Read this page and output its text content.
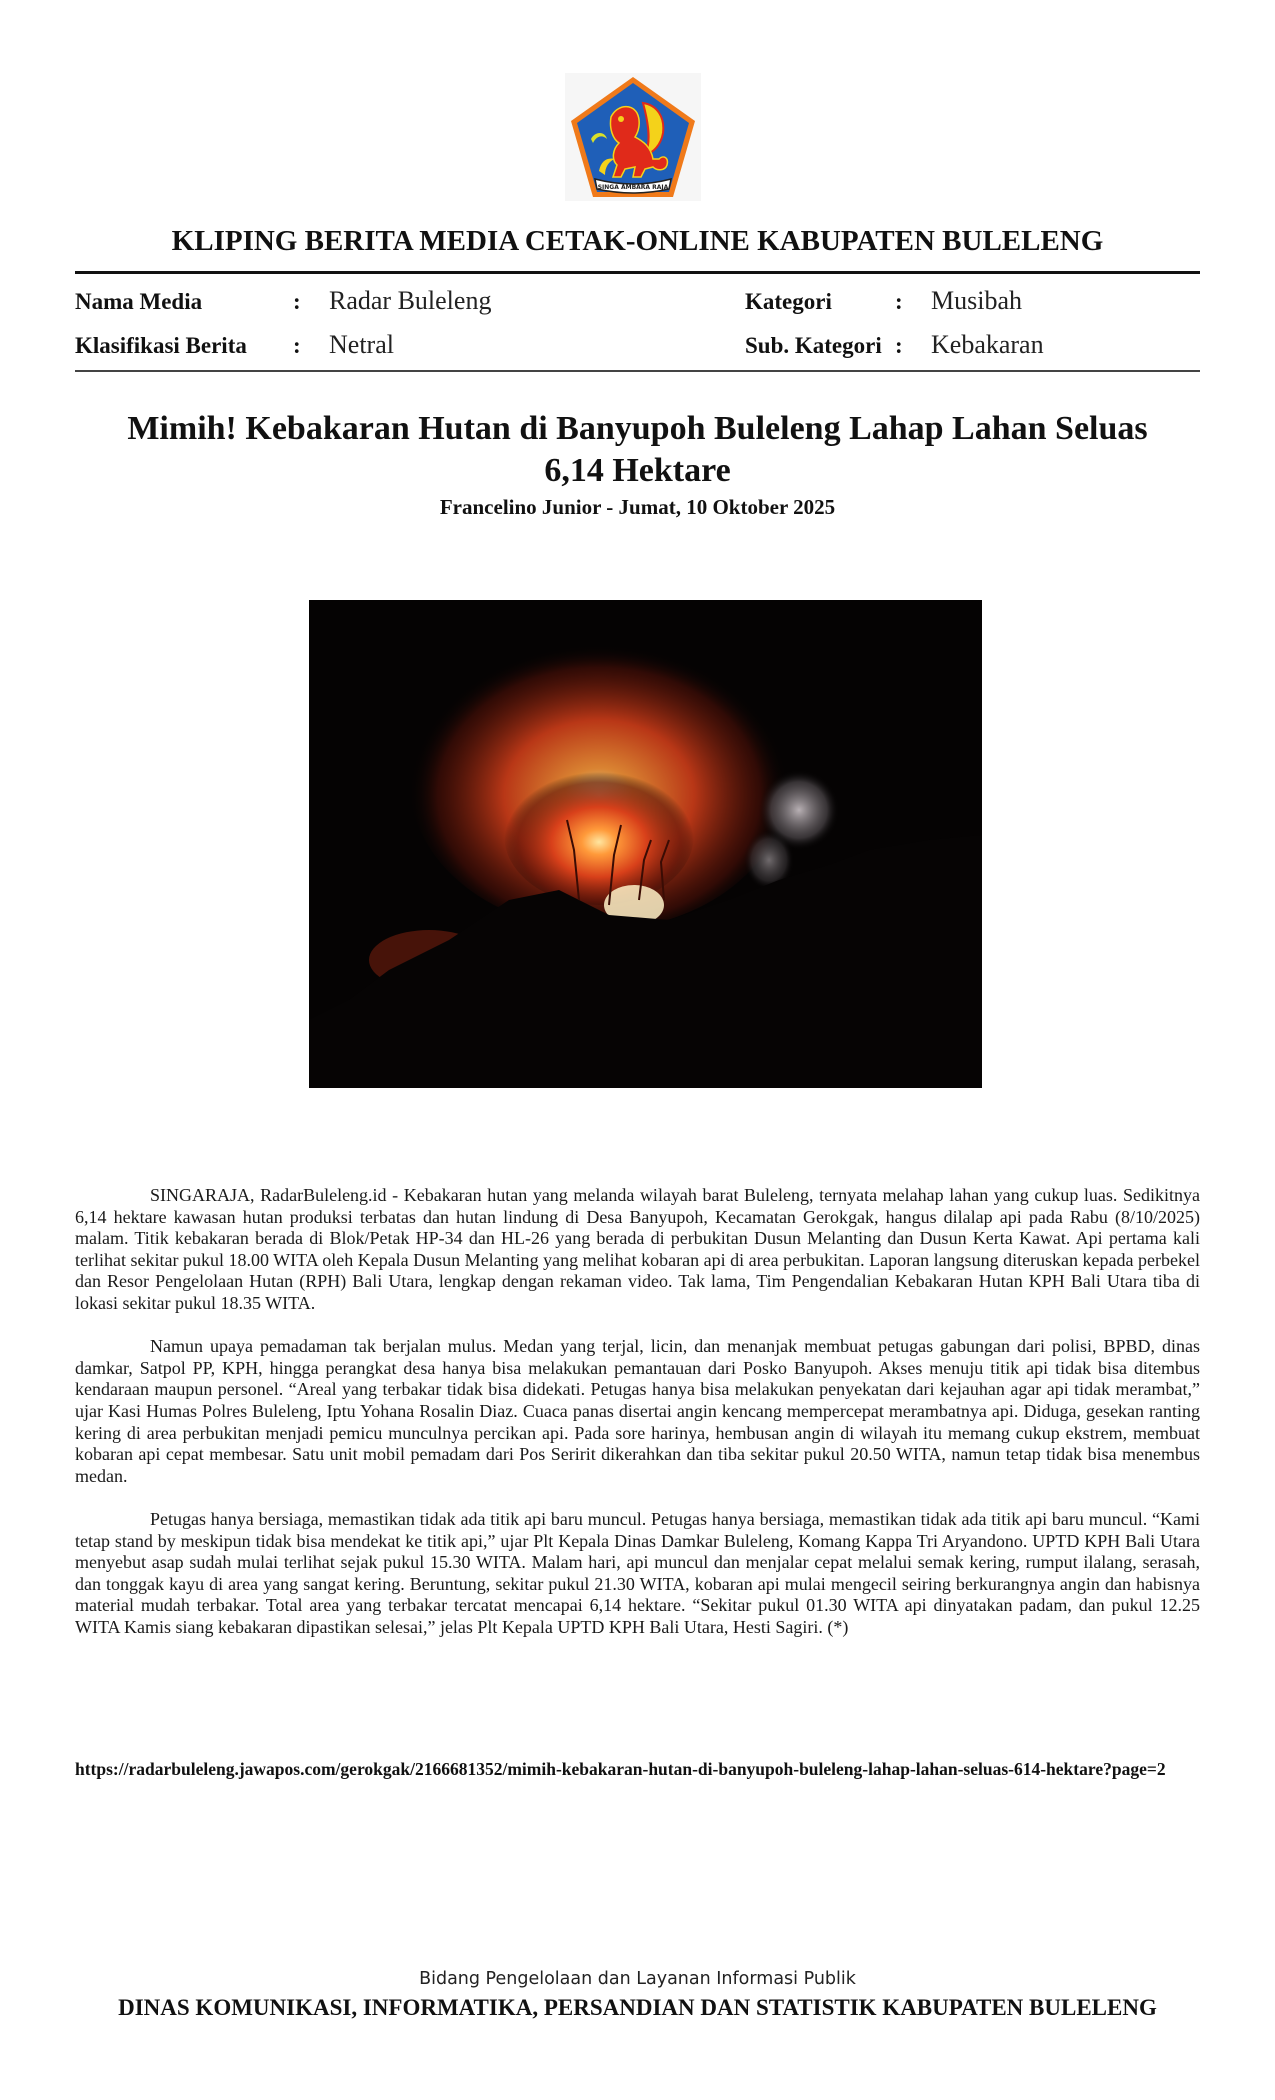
SINGA AMBARA RAJA
KLIPING BERITA MEDIA CETAK-ONLINE KABUPATEN BULELENG
Nama Media	:	Radar Buleleng	Kategori	:	Musibah
Klasifikasi Berita	:	Netral	Sub. Kategori :	Kebakaran
Mimih! Kebakaran Hutan di Banyupoh Buleleng Lahap Lahan Seluas 6,14 Hektare
Francelino Junior - Jumat, 10 Oktober 2025

SINGARAJA, RadarBuleleng.id - Kebakaran hutan yang melanda wilayah barat Buleleng, ternyata melahap lahan yang cukup luas. Sedikitnya 6,14 hektare kawasan hutan produksi terbatas dan hutan lindung di Desa Banyupoh, Kecamatan Gerokgak, hangus dilalap api pada Rabu (8/10/2025) malam. Titik kebakaran berada di Blok/Petak HP-34 dan HL-26 yang berada di perbukitan Dusun Melanting dan Dusun Kerta Kawat. Api pertama kali terlihat sekitar pukul 18.00 WITA oleh Kepala Dusun Melanting yang melihat kobaran api di area perbukitan. Laporan langsung diteruskan kepada perbekel dan Resor Pengelolaan Hutan (RPH) Bali Utara, lengkap dengan rekaman video. Tak lama, Tim Pengendalian Kebakaran Hutan KPH Bali Utara tiba di lokasi sekitar pukul 18.35 WITA.

Namun upaya pemadaman tak berjalan mulus. Medan yang terjal, licin, dan menanjak membuat petugas gabungan dari polisi, BPBD, dinas damkar, Satpol PP, KPH, hingga perangkat desa hanya bisa melakukan pemantauan dari Posko Banyupoh. Akses menuju titik api tidak bisa ditembus kendaraan maupun personel. “Areal yang terbakar tidak bisa didekati. Petugas hanya bisa melakukan penyekatan dari kejauhan agar api tidak merambat,” ujar Kasi Humas Polres Buleleng, Iptu Yohana Rosalin Diaz. Cuaca panas disertai angin kencang mempercepat merambatnya api. Diduga, gesekan ranting kering di area perbukitan menjadi pemicu munculnya percikan api. Pada sore harinya, hembusan angin di wilayah itu memang cukup ekstrem, membuat kobaran api cepat membesar. Satu unit mobil pemadam dari Pos Seririt dikerahkan dan tiba sekitar pukul 20.50 WITA, namun tetap tidak bisa menembus medan.

Petugas hanya bersiaga, memastikan tidak ada titik api baru muncul. Petugas hanya bersiaga, memastikan tidak ada titik api baru muncul. “Kami tetap stand by meskipun tidak bisa mendekat ke titik api,” ujar Plt Kepala Dinas Damkar Buleleng, Komang Kappa Tri Aryandono. UPTD KPH Bali Utara menyebut asap sudah mulai terlihat sejak pukul 15.30 WITA. Malam hari, api muncul dan menjalar cepat melalui semak kering, rumput ilalang, serasah, dan tonggak kayu di area yang sangat kering. Beruntung, sekitar pukul 21.30 WITA, kobaran api mulai mengecil seiring berkurangnya angin dan habisnya material mudah terbakar. Total area yang terbakar tercatat mencapai 6,14 hektare. “Sekitar pukul 01.30 WITA api dinyatakan padam, dan pukul 12.25 WITA Kamis siang kebakaran dipastikan selesai,” jelas Plt Kepala UPTD KPH Bali Utara, Hesti Sagiri. (*)

https://radarbuleleng.jawapos.com/gerokgak/2166681352/mimih-kebakaran-hutan-di-banyupoh-buleleng-lahap-lahan-seluas-614-hektare?page=2
Bidang Pengelolaan dan Layanan Informasi Publik
DINAS KOMUNIKASI, INFORMATIKA, PERSANDIAN DAN STATISTIK KABUPATEN BULELENG
